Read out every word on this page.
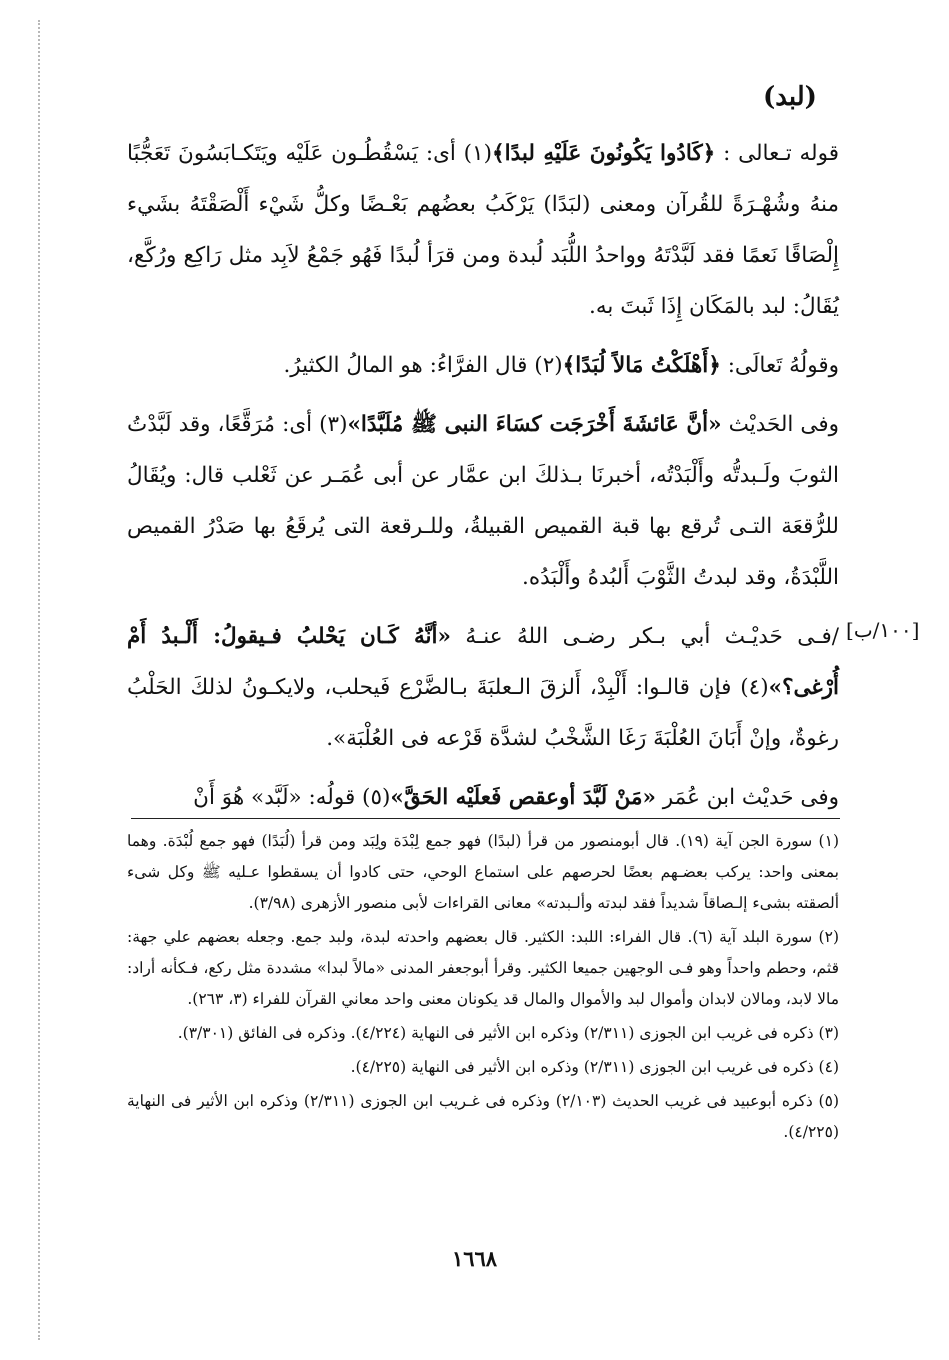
(لبد)
[١٠٠/ب]

قوله تـعالى : ﴿كَادُوا يَكُونُونَ عَلَيْهِ لبدًا﴾(١) أى: يَسْقُطُـون عَلَيْه ويَتَكـابَسُونَ تَعَجُّبًا منهُ وشُهْـرَةً للقُرآن ومعنى (لبَدًا) يَرْكَبُ بعضُهم بَعْـضًا وكلُّ شَيْء أَلْصَقْتَهُ بشَيء إِلْصَاقًا نَعمًا فقد لَبَّدْتَهُ وواحدُ اللُّبَد لُبدة ومن قرَأ لُبدًا فَهُو جَمْعُ لاَبِد مثل رَاكِع ورُكَّع، يُقَالُ: لبد بالمَكَان إِذَا ثَبتَ به.

وقولُهُ تَعالَى: ﴿أَهْلَكْتُ مَالاً لُبَدًا﴾(٢) قال الفرَّاءُ: هو المالُ الكثيرُ.

وفى الحَديْث «أنَّ عَائشَةَ أَخْرَجَت كسَاءَ النبى ﷺ مُلَبَّدًا»(٣) أى: مُرَقَّعًا، وقد لَبَّدْتُ الثوبَ ولَـبدتُّه وأَلْبَدْتُه، أخبرنَا بـذلكَ ابن عمَّار عن أبى عُمَـر عن ثَعْلب قال: ويُقَالُ للرُّقعَة التـى تُرقع بها قبة القميص القبيلةُ، وللـرقعة التى يُرقَعُ بها صَدْرُ القميص اللَّبْدَةُ، وقد لبدتُ الثَّوْبَ أَلبُدهُ وأَلْبَدُه.

/فـى حَديْـث أبي بـكر رضـى اللهُ عنـهُ «أنَّهُ كَـان يَحْلبُ فـيقولُ: أَلْـبدُ أَمْ أُرْغى؟»(٤) فإن قالـوا: أَلْبِدْ، أَلزقَ الـعلبَةَ بـالضَّرْع فَيحلب، ولايكـونُ لذلكَ الحَلْبُ رغوةٌ، وإنْ أَبَانَ العُلْبَةَ رَغَا الشَّخْبُ لشدَّة قَرْعه فى العُلْبَة».

وفى حَديْث ابن عُمَر «مَنْ لَبَّدَ أوعقص فَعلَيْه الحَقَّ»(٥) قولُه: «لَبَّد» هُوَ أَنْ

(١) سورة الجن آية (١٩). قال أبومنصور من قرأ (لبدًا) فهو جمع لِبْدَة ولِبَد ومن قرأ (لُبَدًا) فهو جمع لُبْدَة. وهما بمعنى واحد: يركب بعضـهم بعضًا لحرصهم على استماع الوحي، حتى كادوا أن يسقطوا عـليه ﷺ وكل شىء ألصقته بشىء إلـصاقاً شديداً فقد لبدته وألـبدته» معانى القراءات لأبى منصور الأزهرى (٣/٩٨).

(٢) سورة البلد آية (٦). قال الفراء: اللبد: الكثير. قال بعضهم واحدته لبدة، ولبد جمع. وجعله بعضهم علي جهة: قثم، وحطم واحداً وهو فـى الوجهين جميعا الكثير. وقرأ أبوجعفر المدنى «مالاً لبدا» مشددة مثل ركع، فـكأنه أراد: مالا لابد، ومالان لابدان وأموال لبد والأموال والمال قد يكونان معنى واحد معاني القرآن للفراء (٣، ٢٦٣).

(٣) ذكره فى غريب ابن الجوزى (٢/٣١١) وذكره ابن الأثير فى النهاية (٤/٢٢٤). وذكره فى الفائق (٣/٣٠١).

(٤) ذكره فى غريب ابن الجوزى (٢/٣١١) وذكره ابن الأثير فى النهاية (٤/٢٢٥).

(٥) ذكره أبوعبيد فى غريب الحديث (٢/١٠٣) وذكره فى غـريب ابن الجوزى (٢/٣١١) وذكره ابن الأثير فى النهاية (٤/٢٢٥).

١٦٦٨
